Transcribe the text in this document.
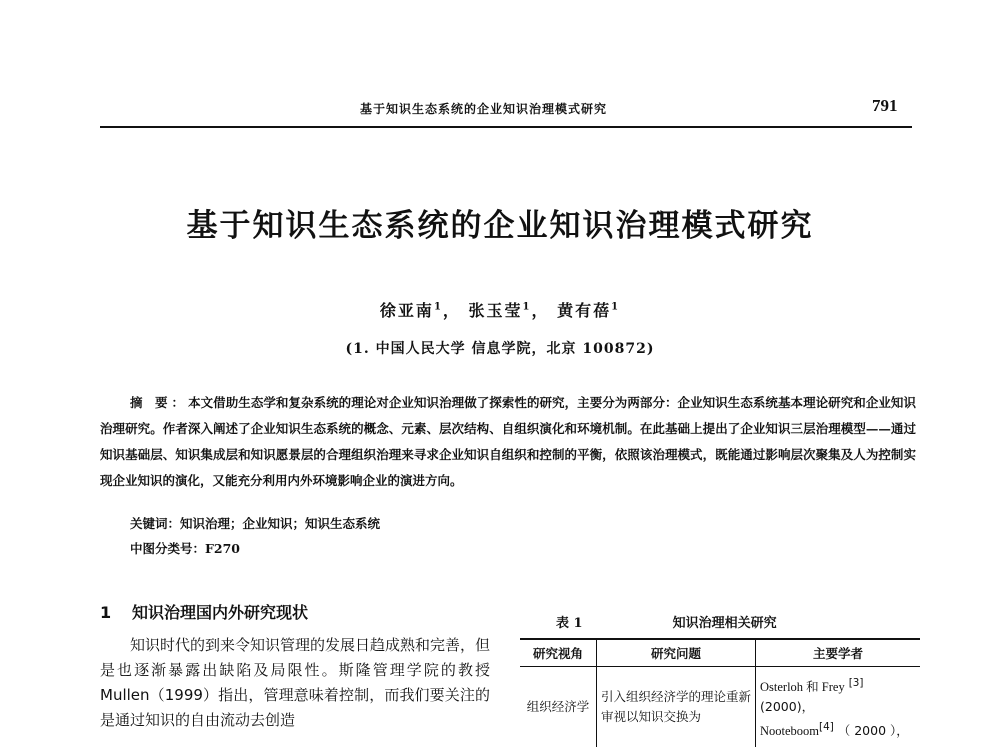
基于知识生态系统的企业知识治理模式研究	791
基于知识生态系统的企业知识治理模式研究
徐亚南$^1$， 张玉莹$^1$， 黄有蓓$^1$
(1. 中国人民大学 信息学院，北京 100872)
摘 要：本文借助生态学和复杂系统的理论对企业知识治理做了探索性的研究，主要分为两部分：企业知识生态系统基本理论研究和企业知识治理研究。作者深入阐述了企业知识生态系统的概念、元素、层次结构、自组织演化和环境机制。在此基础上提出了企业知识三层治理模型——通过知识基础层、知识集成层和知识愿景层的合理组织治理来寻求企业知识自组织和控制的平衡，依照该治理模式，既能通过影响层次聚集及人为控制实现企业知识的演化，又能充分利用内外环境影响企业的演进方向。
关键词：知识治理；企业知识；知识生态系统
中图分类号：F270
1 知识治理国内外研究现状
知识时代的到来令知识管理的发展日趋成熟和完善，但是也逐渐暴露出缺陷及局限性。斯隆管理学院的教授 Mullen（1999）指出，管理意味着控制，而我们要关注的是通过知识的自由流动去创造
表 1	知识治理相关研究
研究视角	研究问题	主要学者
组织经济学	引入组织经济学的理论重新审视以知识交换为	Osterloh 和 Frey [3] (2000)，
Nooteboom[4] （ 2000 ），
